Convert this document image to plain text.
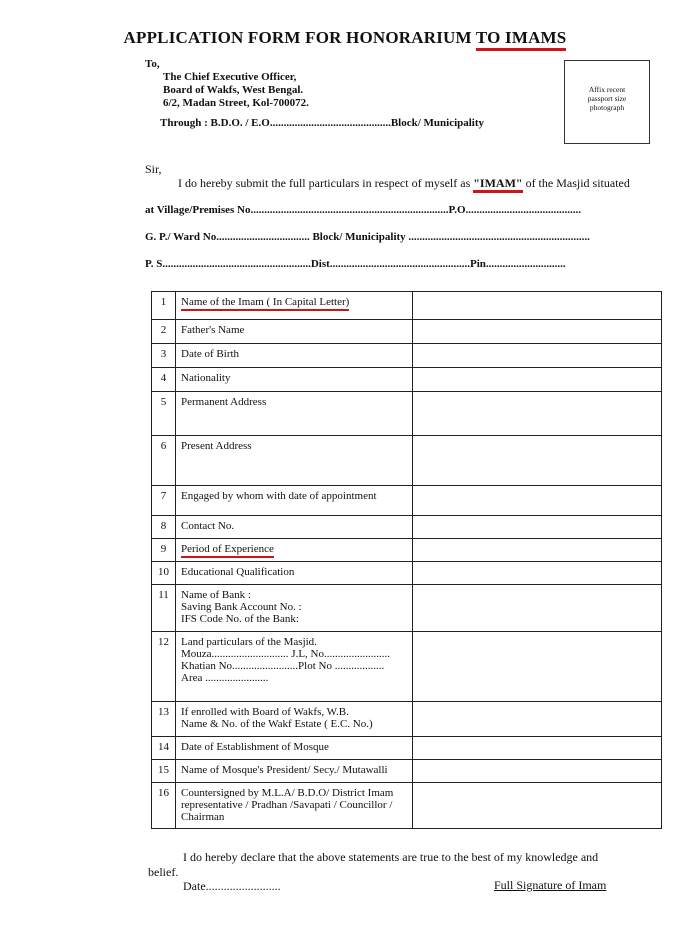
APPLICATION FORM FOR HONORARIUM TO IMAMS
To,
The Chief Executive Officer,
Board of Wakfs, West Bengal.
6/2, Madan Street, Kol-700072.
Affix recent
passport size
photograph
Through : B.D.O. / E.O............................................Block/ Municipality
Sir,
I do hereby submit the full particulars in respect of myself as "IMAM" of the Masjid situated
at Village/Premises No........................................................................P.O..........................................
G. P./ Ward No.................................. Block/ Municipality ..................................................................
P. S......................................................Dist...................................................Pin.............................
1	Name of the Imam ( In Capital Letter)	

2	Father's Name	

3	Date of Birth	

4	Nationality	

5	Permanent Address	

6	Present Address	

7	Engaged by whom with date of appointment	

8	Contact No.	

9	Period of Experience	

10	Educational Qualification	

11	Name of Bank :
Saving Bank Account No. :
IFS Code No. of the Bank:	

12	Land particulars of the Masjid.
Mouza............................ J.L, No........................
Khatian No........................Plot No ..................
Area .......................	

13	If enrolled with Board of Wakfs, W.B.
Name & No. of the Wakf Estate ( E.C. No.)	

14	Date of Establishment of Mosque	

15	Name of Mosque's President/ Secy./ Mutawalli	

16	Countersigned by M.L.A/ B.D.O/ District Imam
representative / Pradhan /Savapati / Councillor /
Chairman	

I do hereby declare that the above statements are true to the best of my knowledge and
belief.
Date.........................	Full Signature of Imam
